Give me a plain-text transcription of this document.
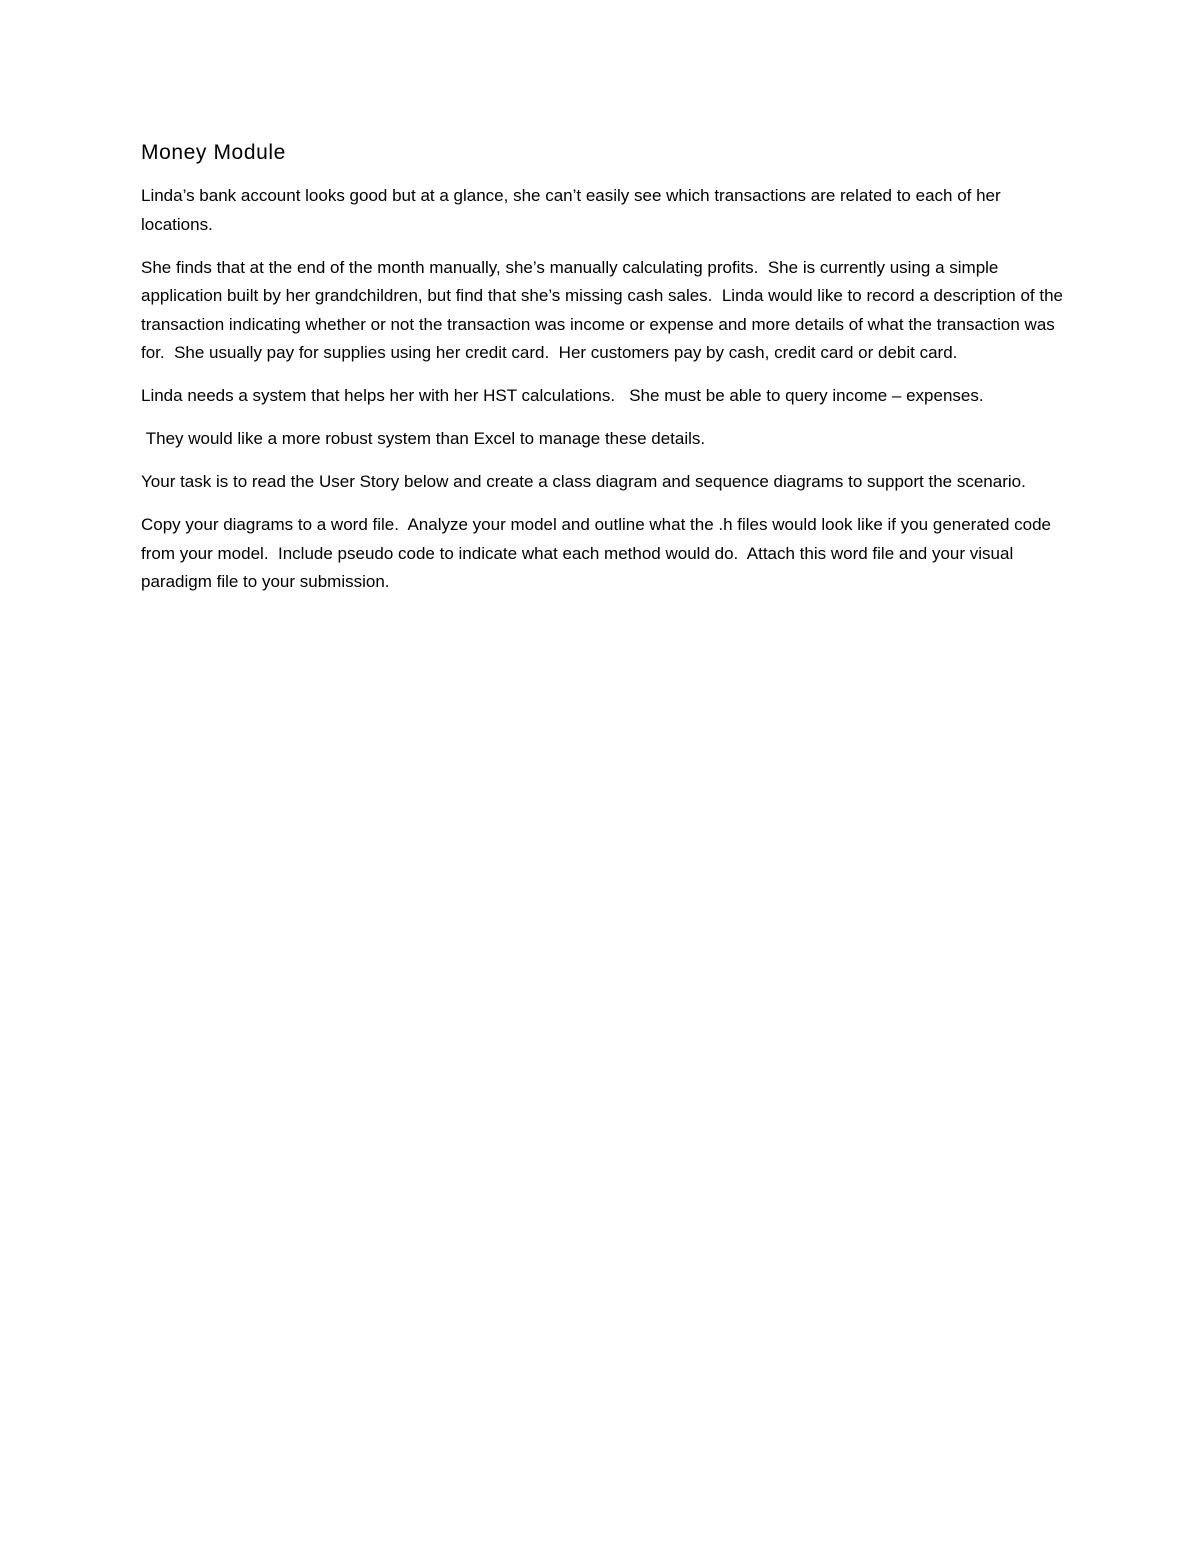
Money Module

Linda’s bank account looks good but at a glance, she can’t easily see which transactions are related to each of her locations.

She finds that at the end of the month manually, she’s manually calculating profits.  She is currently using a simple application built by her grandchildren, but find that she’s missing cash sales.  Linda would like to record a description of the transaction indicating whether or not the transaction was income or expense and more details of what the transaction was for.  She usually pay for supplies using her credit card.  Her customers pay by cash, credit card or debit card.

Linda needs a system that helps her with her HST calculations.   She must be able to query income – expenses.

They would like a more robust system than Excel to manage these details.

Your task is to read the User Story below and create a class diagram and sequence diagrams to support the scenario.

Copy your diagrams to a word file.  Analyze your model and outline what the .h files would look like if you generated code from your model.  Include pseudo code to indicate what each method would do.  Attach this word file and your visual paradigm file to your submission.
